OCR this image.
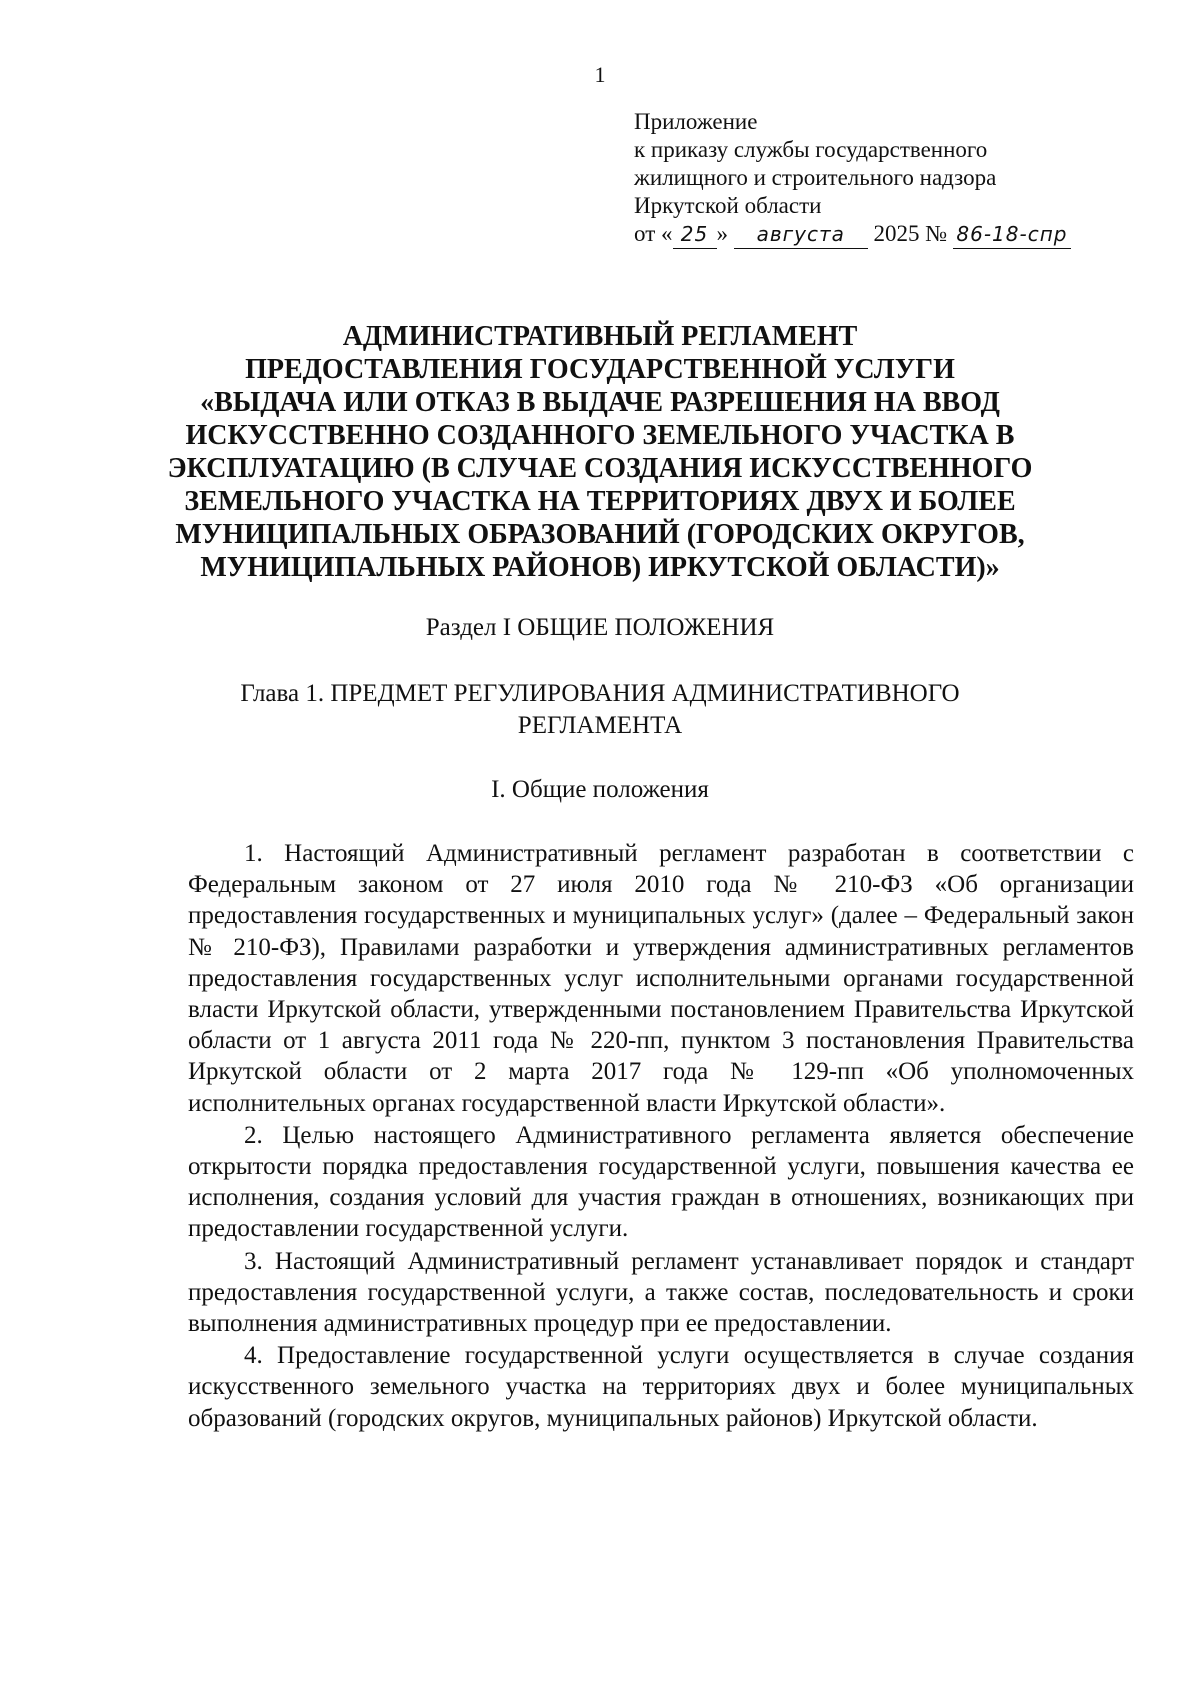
1
Приложение
к приказу службы государственного
жилищного и строительного надзора
Иркутской области
от « 25 » августа 2025 № 86-18-спр
АДМИНИСТРАТИВНЫЙ РЕГЛАМЕНТ
ПРЕДОСТАВЛЕНИЯ ГОСУДАРСТВЕННОЙ УСЛУГИ
«ВЫДАЧА ИЛИ ОТКАЗ В ВЫДАЧЕ РАЗРЕШЕНИЯ НА ВВОД
ИСКУССТВЕННО СОЗДАННОГО ЗЕМЕЛЬНОГО УЧАСТКА В
ЭКСПЛУАТАЦИЮ (В СЛУЧАЕ СОЗДАНИЯ ИСКУССТВЕННОГО
ЗЕМЕЛЬНОГО УЧАСТКА НА ТЕРРИТОРИЯХ ДВУХ И БОЛЕЕ
МУНИЦИПАЛЬНЫХ ОБРАЗОВАНИЙ (ГОРОДСКИХ ОКРУГОВ,
МУНИЦИПАЛЬНЫХ РАЙОНОВ) ИРКУТСКОЙ ОБЛАСТИ)»
Раздел I ОБЩИЕ ПОЛОЖЕНИЯ
Глава 1. ПРЕДМЕТ РЕГУЛИРОВАНИЯ АДМИНИСТРАТИВНОГО
РЕГЛАМЕНТА
I. Общие положения

1. Настоящий Административный регламент разработан в соответствии с Федеральным законом от 27 июля 2010 года № 210-ФЗ «Об организации предоставления государственных и муниципальных услуг» (далее – Федеральный закон № 210-ФЗ), Правилами разработки и утверждения административных регламентов предоставления государственных услуг исполнительными органами государственной власти Иркутской области, утвержденными постановлением Правительства Иркутской области от 1 августа 2011 года № 220-пп, пунктом 3 постановления Правительства Иркутской области от 2 марта 2017 года № 129-пп «Об уполномоченных исполнительных органах государственной власти Иркутской области».

2. Целью настоящего Административного регламента является обеспечение открытости порядка предоставления государственной услуги, повышения качества ее исполнения, создания условий для участия граждан в отношениях, возникающих при предоставлении государственной услуги.

3. Настоящий Административный регламент устанавливает порядок и стандарт предоставления государственной услуги, а также состав, последовательность и сроки выполнения административных процедур при ее предоставлении.

4. Предоставление государственной услуги осуществляется в случае создания искусственного земельного участка на территориях двух и более муниципальных образований (городских округов, муниципальных районов) Иркутской области.
